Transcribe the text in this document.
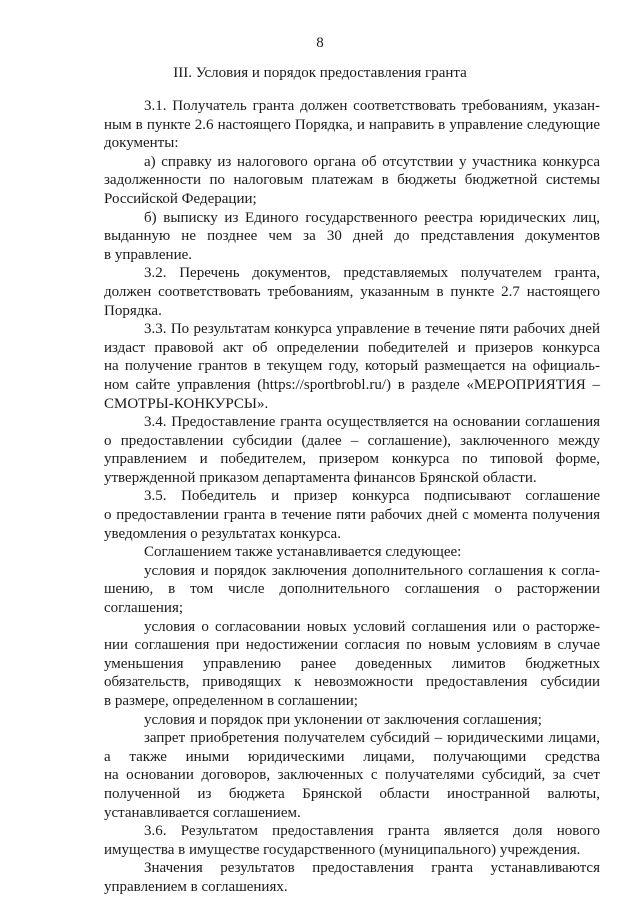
8
III. Условия и порядок предоставления гранта
3.1. Получатель гранта должен соответствовать требованиям, указан-
ным в пункте 2.6 настоящего Порядка, и направить в управление следующие
документы:
а) справку из налогового органа об отсутствии у участника конкурса
задолженности по налоговым платежам в бюджеты бюджетной системы
Российской Федерации;
б) выписку из Единого государственного реестра юридических лиц,
выданную не позднее чем за 30 дней до представления документов
в управление.
3.2. Перечень документов, представляемых получателем гранта,
должен соответствовать требованиям, указанным в пункте 2.7 настоящего
Порядка.
3.3. По результатам конкурса управление в течение пяти рабочих дней
издаст правовой акт об определении победителей и призеров конкурса
на получение грантов в текущем году, который размещается на официаль-
ном сайте управления (https://sportbrobl.ru/) в разделе «МЕРОПРИЯТИЯ –
СМОТРЫ-КОНКУРСЫ».
3.4. Предоставление гранта осуществляется на основании соглашения
о предоставлении субсидии (далее – соглашение), заключенного между
управлением и победителем, призером конкурса по типовой форме,
утвержденной приказом департамента финансов Брянской области.
3.5. Победитель и призер конкурса подписывают соглашение
о предоставлении гранта в течение пяти рабочих дней с момента получения
уведомления о результатах конкурса.
Соглашением также устанавливается следующее:
условия и порядок заключения дополнительного соглашения к согла-
шению, в том числе дополнительного соглашения о расторжении
соглашения;
условия о согласовании новых условий соглашения или о расторже-
нии соглашения при недостижении согласия по новым условиям в случае
уменьшения управлению ранее доведенных лимитов бюджетных
обязательств, приводящих к невозможности предоставления субсидии
в размере, определенном в соглашении;
условия и порядок при уклонении от заключения соглашения;
запрет приобретения получателем субсидий – юридическими лицами,
а также иными юридическими лицами, получающими средства
на основании договоров, заключенных с получателями субсидий, за счет
полученной из бюджета Брянской области иностранной валюты,
устанавливается соглашением.
3.6. Результатом предоставления гранта является доля нового
имущества в имуществе государственного (муниципального) учреждения.
Значения результатов предоставления гранта устанавливаются
управлением в соглашениях.
